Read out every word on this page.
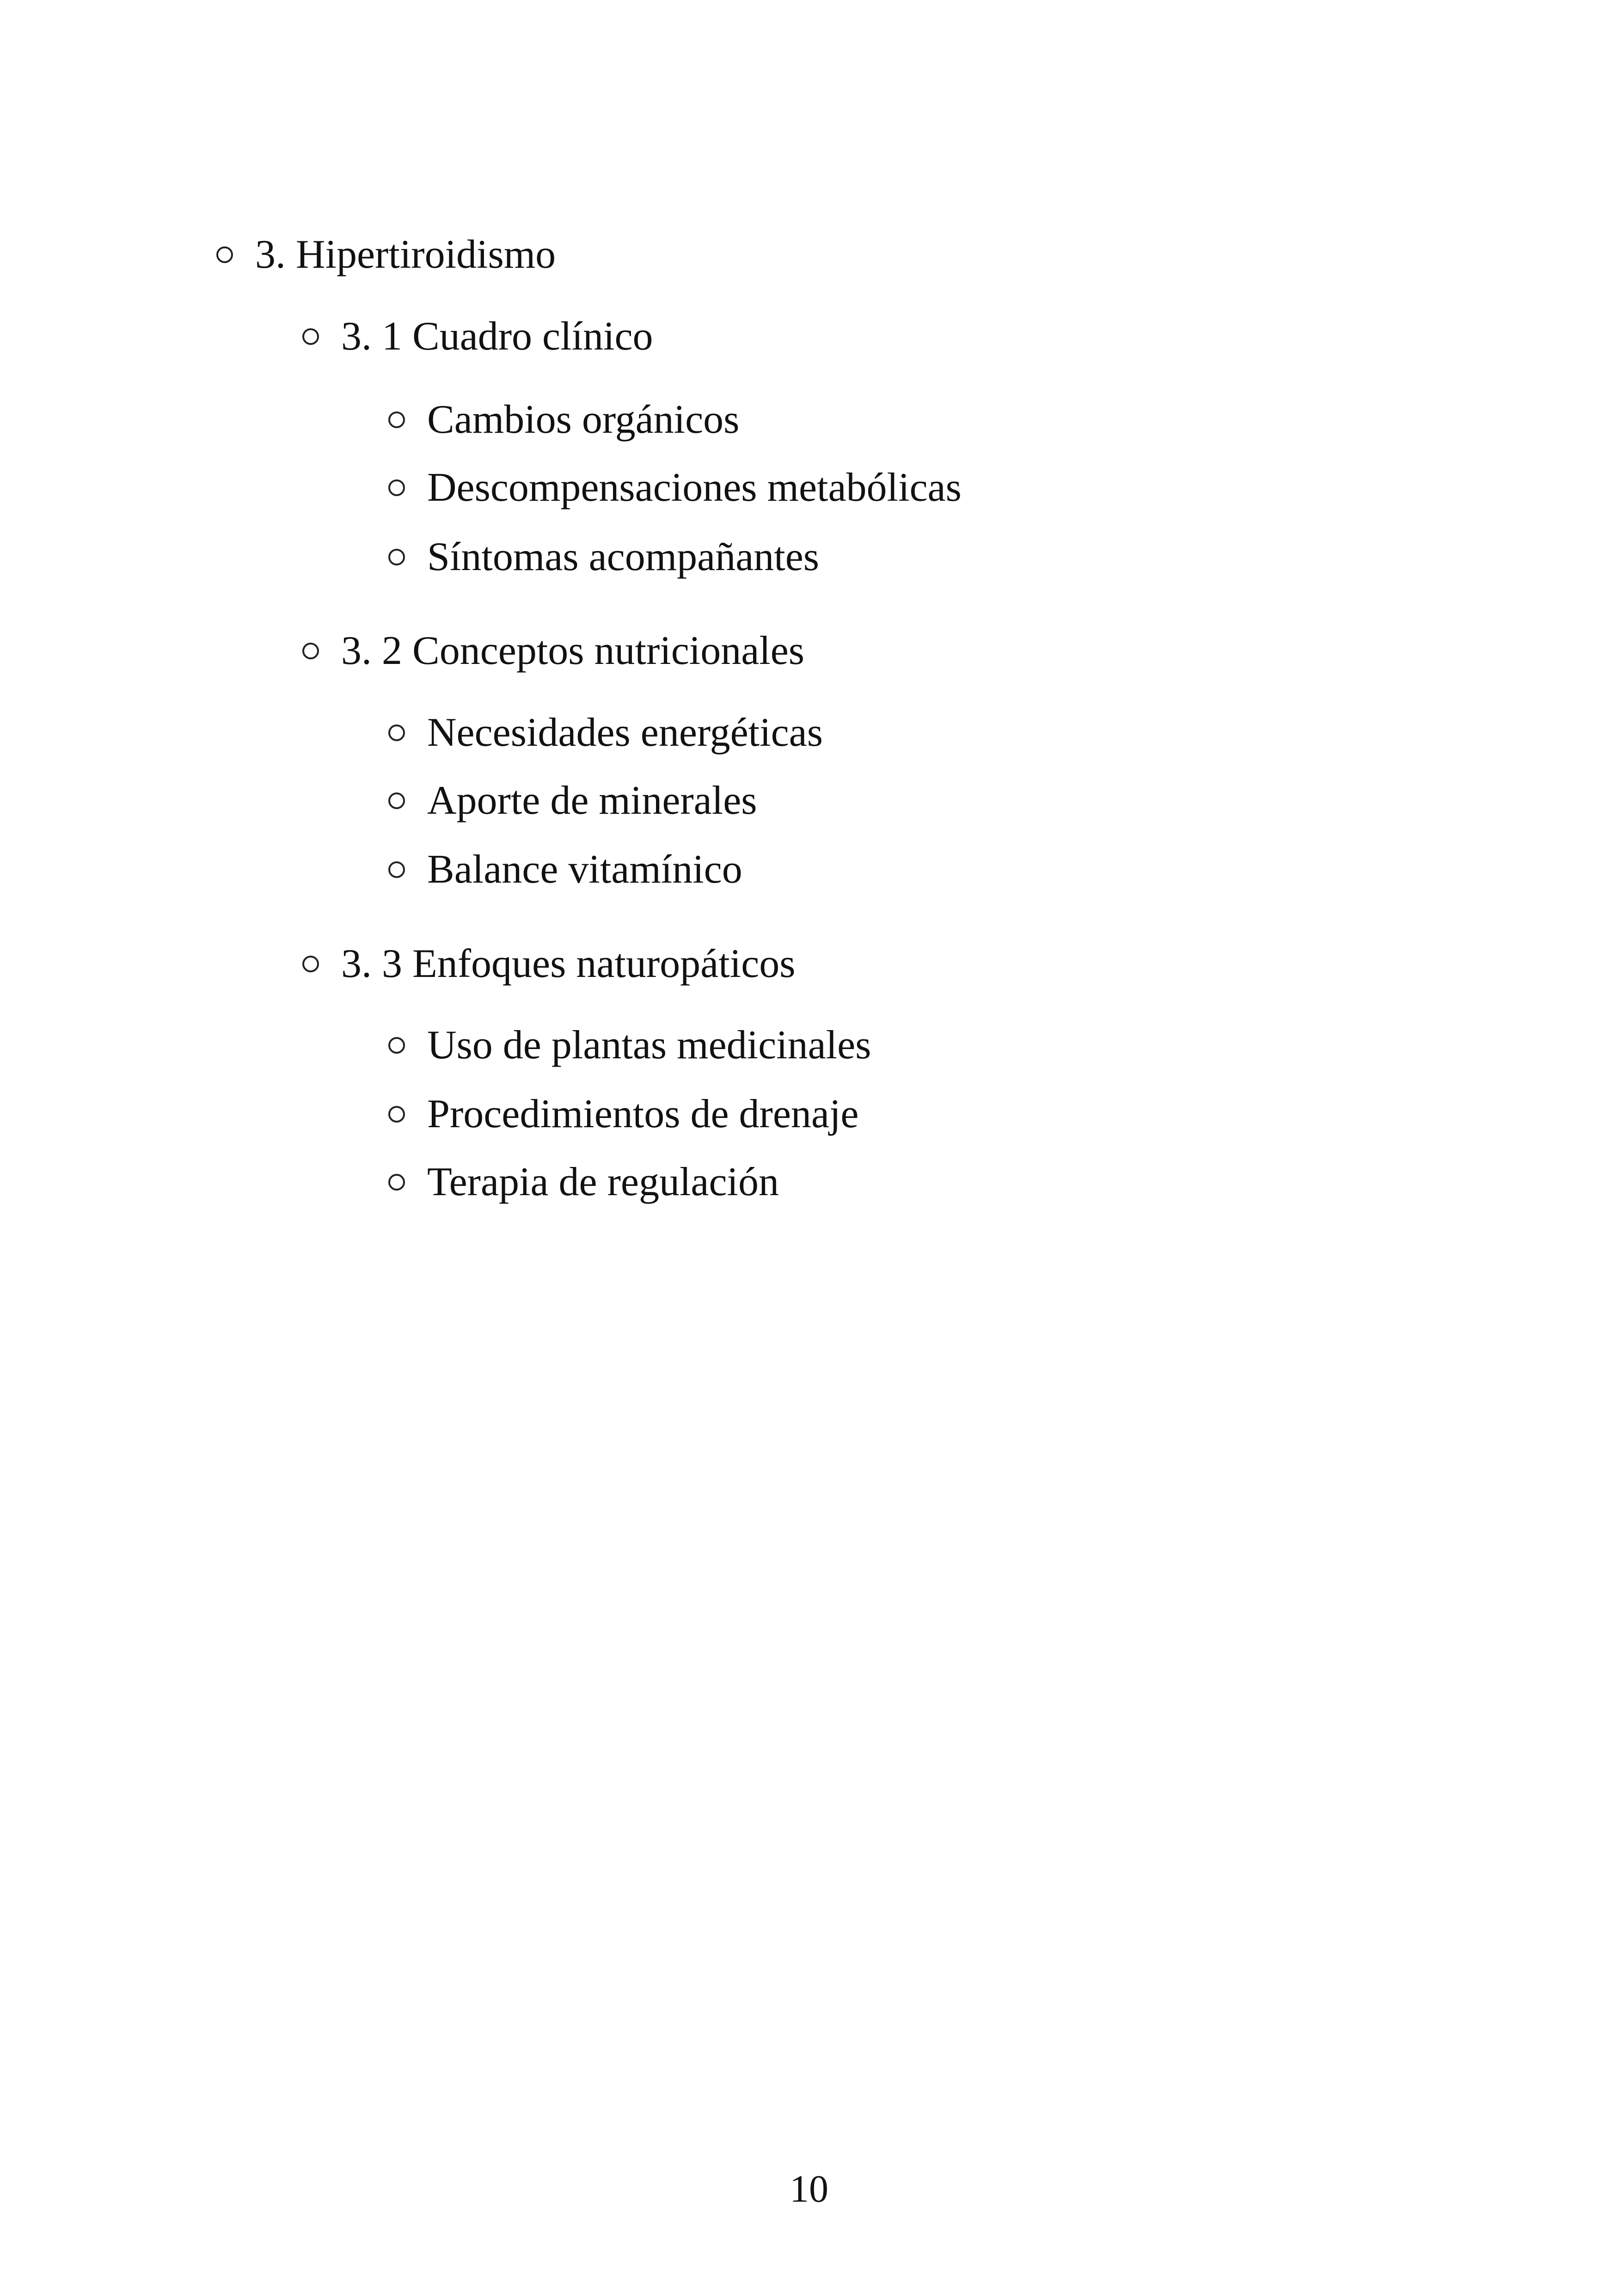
3. Hipertiroidismo
3. 1 Cuadro clínico
Cambios orgánicos
Descompensaciones metabólicas
Síntomas acompañantes
3. 2 Conceptos nutricionales
Necesidades energéticas
Aporte de minerales
Balance vitamínico
3. 3 Enfoques naturopáticos
Uso de plantas medicinales
Procedimientos de drenaje
Terapia de regulación
10
